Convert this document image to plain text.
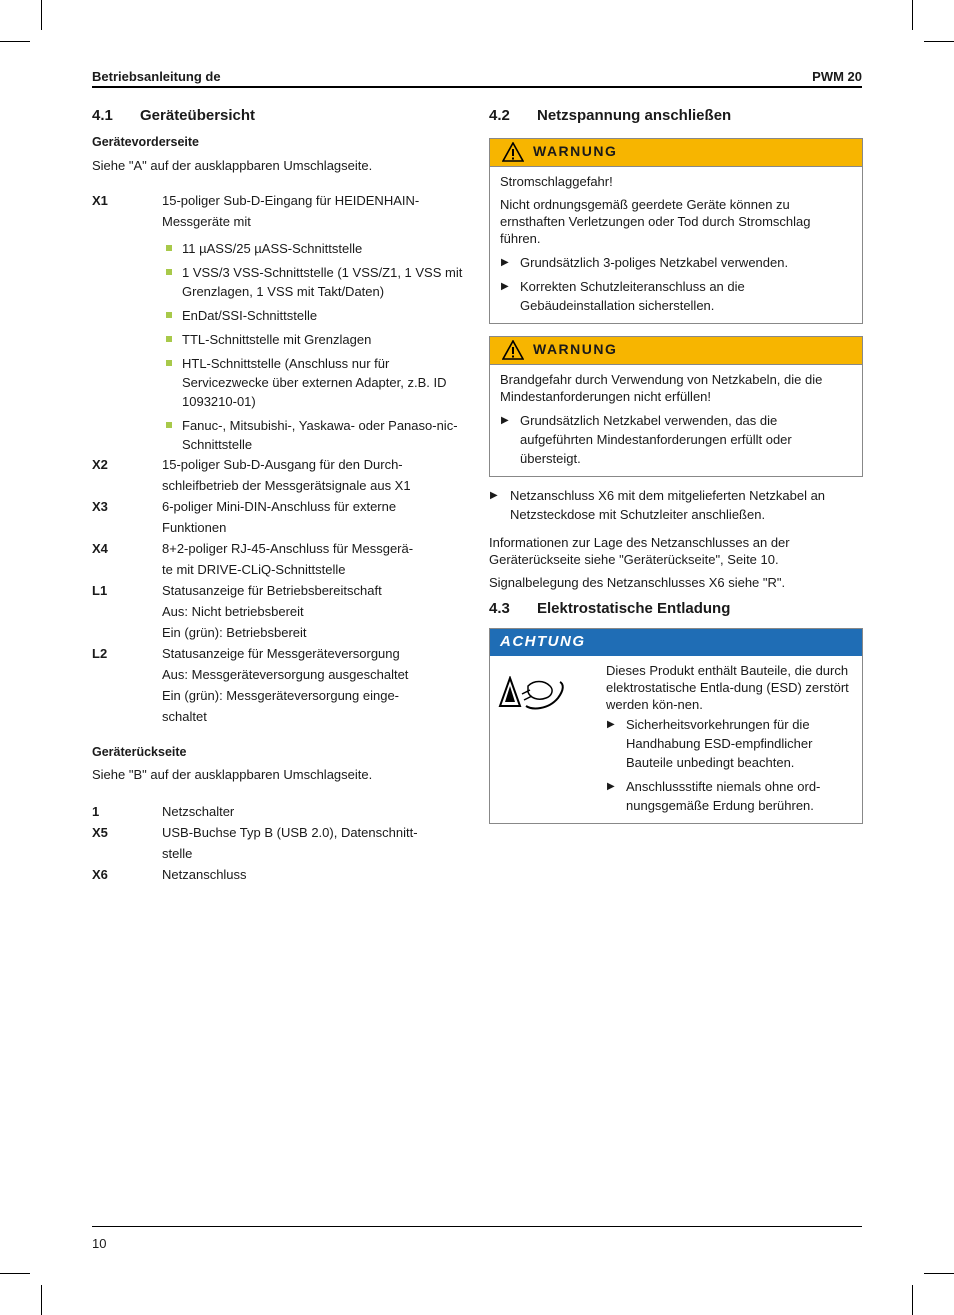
Betriebsanleitung de	PWM 20
4.1 Geräteübersicht
Gerätevorderseite
Siehe "A" auf der ausklappbaren Umschlagseite.
X1	15-poliger Sub-D-Eingang für HEIDENHAIN-
Messgeräte mit
11 µASS/25 µASS-Schnittstelle
1 VSS/3 VSS-Schnittstelle (1 VSS/Z1, 1 VSS mit Grenzlagen, 1 VSS mit Takt/Daten)
EnDat/SSI-Schnittstelle
TTL-Schnittstelle mit Grenzlagen
HTL-Schnittstelle (Anschluss nur für Servicezwecke über externen Adapter, z.B. ID 1093210-01)
Fanuc-, Mitsubishi-, Yaskawa- oder Panaso-nic-Schnittstelle
X2	15-poliger Sub-D-Ausgang für den Durch-
schleifbetrieb der Messgerätsignale aus X1
X3	6-poliger Mini-DIN-Anschluss für externe
Funktionen
X4	8+2-poliger RJ-45-Anschluss für Messgerä-
te mit DRIVE-CLiQ-Schnittstelle
L1	Statusanzeige für Betriebsbereitschaft
Aus: Nicht betriebsbereit
Ein (grün): Betriebsbereit
L2	Statusanzeige für Messgeräteversorgung
Aus: Messgeräteversorgung ausgeschaltet
Ein (grün): Messgeräteversorgung einge-
schaltet
Geräterückseite
Siehe "B" auf der ausklappbaren Umschlagseite.
1	Netzschalter
X5	USB-Buchse Typ B (USB 2.0), Datenschnitt-
stelle
X6	Netzanschluss
4.2 Netzspannung anschließen
WARNUNG

Stromschlaggefahr!

Nicht ordnungsgemäß geerdete Geräte können zu ernsthaften Verletzungen oder Tod durch Stromschlag führen.

▶ Grundsätzlich 3-poliges Netzkabel verwenden.
▶ Korrekten Schutzleiteranschluss an die Gebäudeinstallation sicherstellen.
WARNUNG

Brandgefahr durch Verwendung von Netzkabeln, die die Mindestanforderungen nicht erfüllen!

▶ Grundsätzlich Netzkabel verwenden, das die aufgeführten Mindestanforderungen erfüllt oder übersteigt.
▶ Netzanschluss X6 mit dem mitgelieferten Netzkabel an Netzsteckdose mit Schutzleiter anschließen.
Informationen zur Lage des Netzanschlusses an der Geräterückseite siehe "Geräterückseite", Seite 10.
Signalbelegung des Netzanschlusses X6 siehe "R".
4.3 Elektrostatische Entladung
ACHTUNG

Dieses Produkt enthält Bauteile, die durch elektrostatische Entla-dung (ESD) zerstört werden kön-nen.

▶ Sicherheitsvorkehrungen für die Handhabung ESD-empfindlicher Bauteile unbedingt beachten.
▶ Anschlussstifte niemals ohne ord-nungsgemäße Erdung berühren.
10
